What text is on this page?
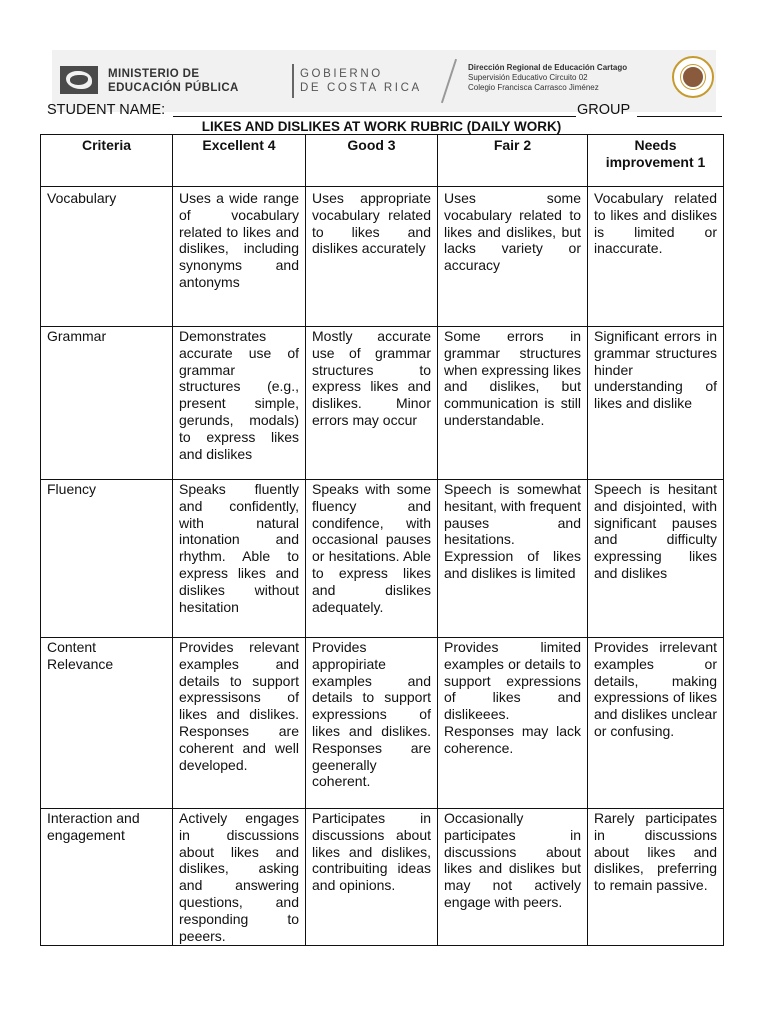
MINISTERIO DE
EDUCACIÓN PÚBLICA
GOBIERNO
DE COSTA RICA
Dirección Regional de Educación Cartago
Supervisión Educativo Circuito 02
Colegio Francisca Carrasco Jiménez
STUDENT NAME:	GROUP
LIKES AND DISLIKES AT WORK RUBRIC (DAILY WORK)
Criteria	Excellent 4	Good 3	Fair 2	Needs improvement 1
Vocabulary	Uses a wide range of vocabulary related to likes and dislikes, including synonyms and antonyms	Uses appropriate vocabulary related to likes and dislikes accurately	Uses some vocabulary related to likes and dislikes, but lacks variety or accuracy	Vocabulary related to likes and dislikes is limited or inaccurate.
Grammar	Demonstrates accurate use of grammar structures (e.g., present simple, gerunds, modals) to express likes and dislikes	Mostly accurate use of grammar structures to express likes and dislikes. Minor errors may occur	Some errors in grammar structures when expressing likes and dislikes, but communication is still understandable.	Significant errors in grammar structures hinder understanding of likes and dislike
Fluency	Speaks fluently and confidently, with natural intonation and rhythm. Able to express likes and dislikes without hesitation	Speaks with some fluency and condifence, with occasional pauses or hesitations. Able to express likes and dislikes adequately.	Speech is somewhat hesitant, with frequent pauses and hesitations. Expression of likes and dislikes is limited	Speech is hesitant and disjointed, with significant pauses and difficulty expressing likes and dislikes
Content Relevance	Provides relevant examples and details to support expressisons of likes and dislikes. Responses are coherent and well developed.	Provides appropiriate examples and details to support expressions of likes and dislikes. Responses are geenerally coherent.	Provides limited examples or details to support expressions of likes and dislikeees. Responses may lack coherence.	Provides irrelevant examples or details, making expressions of likes and dislikes unclear or confusing.
Interaction and engagement	Actively engages in discussions about likes and dislikes, asking and answering questions, and responding to peeers.	Participates in discussions about likes and dislikes, contribuiting ideas and opinions.	Occasionally participates in discussions about likes and dislikes but may not actively engage with peers.	Rarely participates in discussions about likes and dislikes, preferring to remain passive.
